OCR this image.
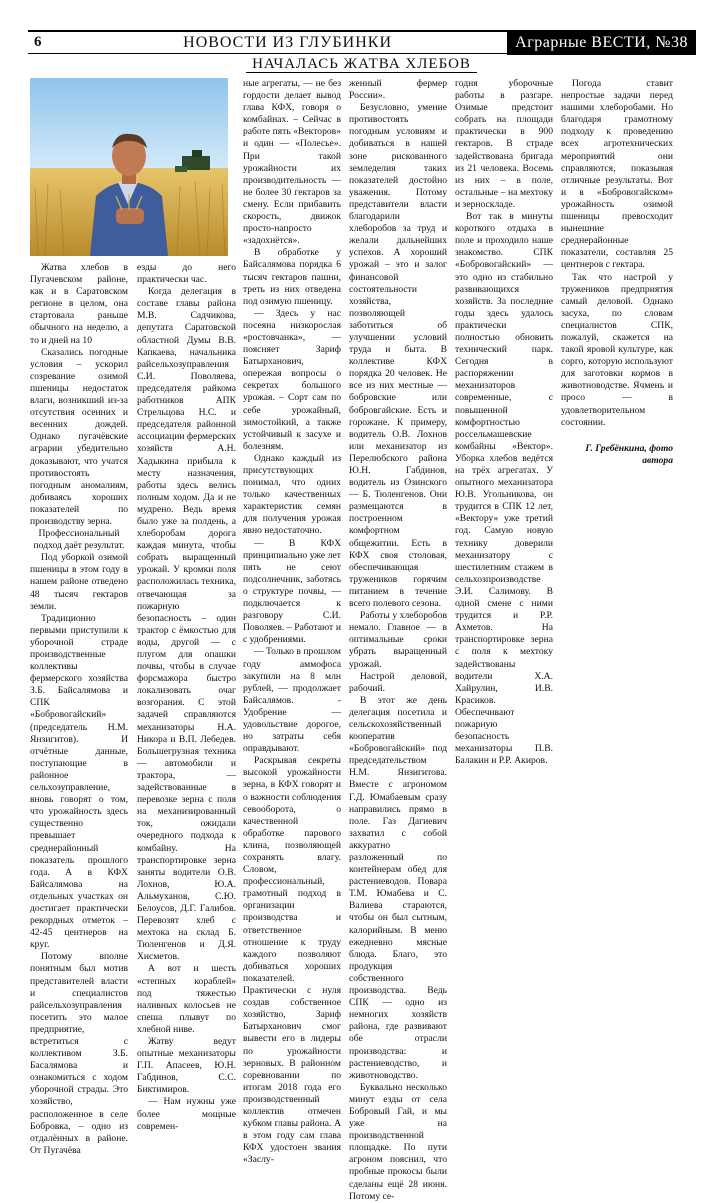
6	НОВОСТИ ИЗ ГЛУБИНКИ	Аграрные ВЕСТИ, №38
НАЧАЛАСЬ ЖАТВА ХЛЕБОВ

Жатва хлебов в Пугачевском районе, как и в Саратовском регионе в целом, она стартовала раньше обычного на неделю, а то и дней на 10

Сказались погодные условия – ускорил созревание озимой пшеницы недостаток влаги, возникший из-за отсутствия осенних и весенних дождей. Однако пугачёвские аграрии убедительно доказывают, что учатся противостоять погодным аномалиям, добиваясь хороших показателей по производству зерна.

Профессиональный подход даёт результат.

Под уборкой озимой пшеницы в этом году в нашем районе отведено 48 тысяч гектаров земли.

Традиционно первыми приступили к уборочной страде производственные коллективы фермерского хозяйства З.Б. Байсалямова и СПК «Бобровогайский» (председатель Н.М. Янзигитов). И отчётные данные, поступающие в районное сельхозуправление, вновь говорят о том, что урожайность здесь существенно превышает среднерайонный показатель прошлого года. А в КФХ Байсалямова на отдельных участках он достигает практически рекордных отметок – 42-45 центнеров на круг.

Потому вполне понятным был мотив представителей власти и специалистов райсельхозуправления посетить это малое предприятие, встретиться с коллективом З.Б. Басалямова и ознакомиться с ходом уборочной страды. Это хозяйство, расположенное в селе Бобровка, – одно из отдалённых в районе. От Пугачёва

езды до него практически час.

Когда делегация в составе главы района М.В. Садчикова, депутата Саратовской областной Думы В.В. Капкаева, начальника райсельхозуправления С.И. Поволяева, председателя райкома работников АПК Стрельцова Н.С. и председателя районной ассоциации фермерских хозяйств А.Н. Хадыкина прибыла к месту назначения, работы здесь велись полным ходом. Да и не мудрено. Ведь время было уже за полдень, а хлеборобам дорога каждая минута, чтобы собрать выращенный урожай. У кромки поля расположилась техника, отвечающая за пожарную безопасность – один трактор с ёмкостью для воды, другой — с плугом для опашки почвы, чтобы в случае форсмажора быстро локализовать очаг возгорания. С этой задачей справляются механизаторы Н.А. Никора и В.П. Лебедев. Большегрузная техника — автомобили и трактора, — задействованные в перевозке зерна с поля на механизированный ток, ожидали очередного подхода к комбайну. На транспортировке зерна заняты водители О.В. Лохнов, Ю.А. Альмуханов, С.Ю. Белоусов, Д.Г. Галибов. Перевозят хлеб с мехтока на склад Б. Тюленгенов и Д.Я. Хисметов.

А вот и шесть «степных кораблей» под тяжестью наливных колосьев не спеша плывут по хлебной ниве.

Жатву ведут опытные механизаторы Г.П. Апасеев, Ю.Н. Габдинов, С.С. Биктимиров.

— Нам нужны уже более мощные современ-

ные агрегаты, — не без гордости делает вывод глава КФХ, говоря о комбайнах. – Сейчас в работе пять «Векторов» и один — «Полесье». При такой урожайности их производительность — не более 30 гектаров за смену. Если прибавить скорость, движок просто-напросто «задохнётся».

В обработке у Байсалямова порядка 6 тысяч гектаров пашни, треть из них отведена под озимую пшеницу.

— Здесь у нас посеяна низкорослая «ростовчанка», — поясняет Зариф Батырханович, опережая вопросы о секретах большого урожая. – Сорт сам по себе урожайный, зимостойкий, а также устойчивый к засухе и болезням.

Однако каждый из присутствующих понимал, что одних только качественных характеристик семян для получения урожая явно недостаточно.

— В КФХ принципиально уже лет пять не сеют подсолнечник, заботясь о структуре почвы, — подключается к разговору С.И. Поволяев. – Работают и с удобрениями.

— Только в прошлом году аммофоса закупили на 8 млн рублей, — продолжает Байсалямов. - Удобрение — удовольствие дорогое, но затраты себя оправдывают.

Раскрывая секреты высокой урожайности зерна, в КФХ говорят и о важности соблюдения севооборота, о качественной обработке парового клина, позволяющей сохранять влагу. Словом, профессиональный, грамотный подход в организации производства и ответственное отношение к труду каждого позволяют добиваться хороших показателей. Практически с нуля создав собственное хозяйство, Зариф Батырханович смог вывести его в лидеры по урожайности зерновых. В районном соревновании по итогам 2018 года его производственный коллектив отмечен кубком главы района. А в этом году сам глава КФХ удостоен звания «Заслу-

женный фермер России».

Безусловно, умение противостоять погодным условиям и добиваться в нашей зоне рискованного земледелия таких показателей достойно уважения. Потому представители власти благодарили хлеборобов за труд и желали дальнейших успехов. А хороший урожай – это и залог финансовой состоятельности хозяйства, позволяющей заботиться об улучшении условий труда и быта. В коллективе КФХ порядка 20 человек. Не все из них местные — бобровские или бобровгайские. Есть и горожане. К примеру, водитель О.В. Лохнов или механизатор из Перелюбского района Ю.Н. Габдинов, водитель из Озинского — Б. Тюленгенов. Они размещаются в построенном комфортном общежитии. Есть в КФХ своя столовая, обеспечивающая тружеников горячим питанием в течение всего полевого сезона.

Работы у хлеборобов немало. Главное — в оптимальные сроки убрать выращенный урожай.

Настрой деловой, рабочий.

В этот же день делегация посетила и сельскохозяйственный кооператив «Бобровогайский» под председательством Н.М. Янзигитова. Вместе с агрономом Г.Д. Юмабаевым сразу направились прямо в поле. Газ Дагиевич захватил с собой аккуратно разложенный по контейнерам обед для растениеводов. Повара Т.М. Юмабева и С. Валиева стараются, чтобы он был сытным, калорийным. В меню ежедневно мясные блюда. Благо, это продукция собственного производства. Ведь СПК — одно из немногих хозяйств района, где развивают обе отрасли производства: и растениеводство, и животноводство.

Буквально несколько минут езды от села Бобровый Гай, и мы уже на производственной площадке. По пути агроном пояснил, что пробные прокосы были сделаны ещё 28 июня. Потому се-

годня уборочные работы в разгаре. Озимые предстоит собрать на площади практически в 900 гектаров. В страде задействована бригада из 21 человека. Восемь из них – в поле, остальные – на мехтоку и зерноскладе.

Вот так в минуты короткого отдыха в поле и проходило наше знакомство. СПК «Бобровогайский» — это одно из стабильно развивающихся хозяйств. За последние годы здесь удалось практически полностью обновить технический парк. Сегодня в распоряжении механизаторов современные, с повышенной комфортностью россельмашевские комбайны «Вектор». Уборка хлебов ведётся на трёх агрегатах. У опытного механизатора Ю.В. Угольникова, он трудится в СПК 12 лет, «Вектору» уже третий год. Самую новую технику доверили механизатору с шестилетним стажем в сельхозпроизводстве Э.И. Салимову. В одной смене с ними трудится и Р.Р. Ахметов. На транспортировке зерна с поля к мехтоку задействованы водители Х.А. Хайрулин, И.В. Красиков. Обеспечивают пожарную безопасность механизаторы П.В. Балакин и Р.Р. Акиров.

Погода ставит непростые задачи перед нашими хлеборобами. Но благодаря грамотному подходу к проведению всех агротехнических мероприятий они справляются, показывая отличные результаты. Вот и в «Бобровогайском» урожайность озимой пшеницы превосходит нынешние среднерайонные показатели, составляя 25 центнеров с гектара.

Так что настрой у тружеников предприятия самый деловой. Однако засуха, по словам специалистов СПК, пожалуй, скажется на такой яровой культуре, как сорго, которую используют для заготовки кормов в животноводстве. Ячмень и просо — в удовлетворительном состоянии.

Г. Гребёнкина, фото автора
